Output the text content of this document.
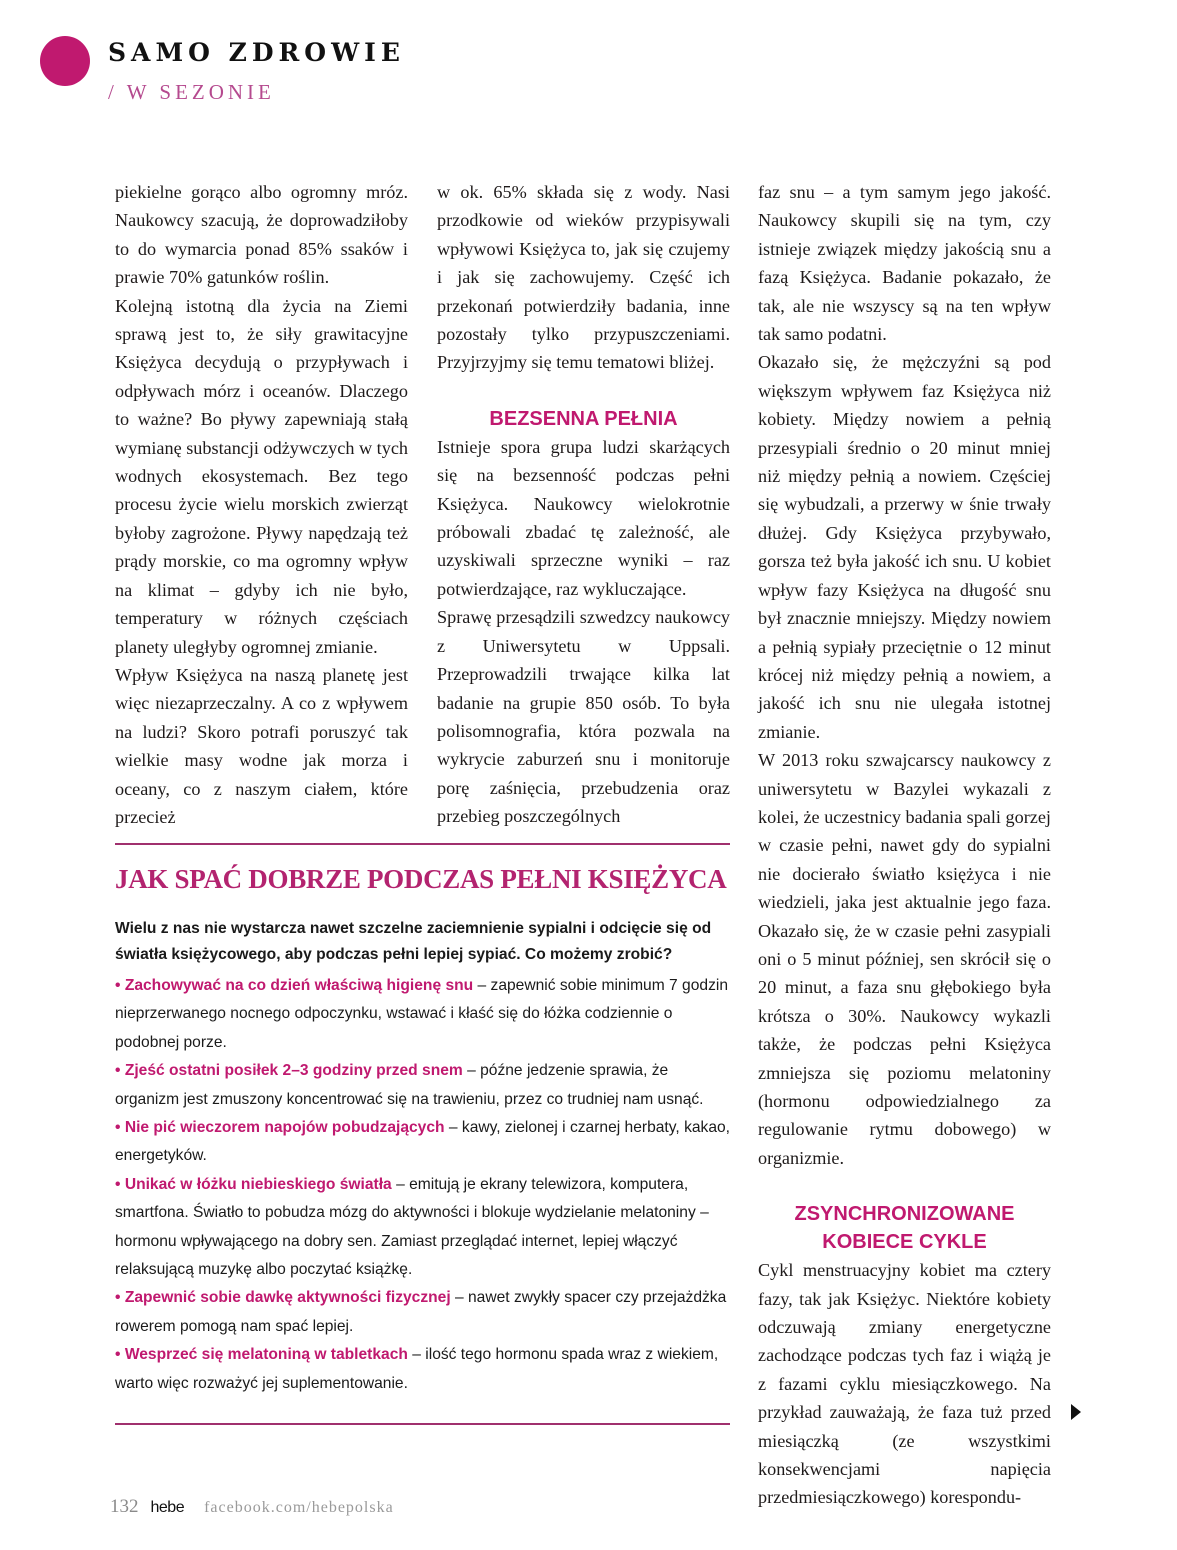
SAMO ZDROWIE
/ W SEZONIE

piekielne gorąco albo ogromny mróz. Naukowcy szacują, że doprowadziłoby to do wymarcia ponad 85% ssaków i prawie 70% gatunków roślin.

Kolejną istotną dla życia na Ziemi sprawą jest to, że siły grawitacyjne Księżyca decydują o przypływach i odpływach mórz i oceanów. Dlaczego to ważne? Bo pływy zapewniają stałą wymianę substancji odżywczych w tych wodnych ekosystemach. Bez tego procesu życie wielu morskich zwierząt byłoby zagrożone. Pływy napędzają też prądy morskie, co ma ogromny wpływ na klimat – gdyby ich nie było, temperatury w różnych częściach planety uległyby ogromnej zmianie.

Wpływ Księżyca na naszą planetę jest więc niezaprzeczalny. A co z wpływem na ludzi? Skoro potrafi poruszyć tak wielkie masy wodne jak morza i oceany, co z naszym ciałem, które przecież

w ok. 65% składa się z wody. Nasi przodkowie od wieków przypisywali wpływowi Księżyca to, jak się czujemy i jak się zachowujemy. Część ich przekonań potwierdziły badania, inne pozostały tylko przypuszczeniami. Przyjrzyjmy się temu tematowi bliżej.

BEZSENNA PEŁNIA

Istnieje spora grupa ludzi skarżących się na bezsenność podczas pełni Księżyca. Naukowcy wielokrotnie próbowali zbadać tę zależność, ale uzyskiwali sprzeczne wyniki – raz potwierdzające, raz wykluczające.

Sprawę przesądzili szwedzcy naukowcy z Uniwersytetu w Uppsali. Przeprowadzili trwające kilka lat badanie na grupie 850 osób. To była polisomnografia, która pozwala na wykrycie zaburzeń snu i monitoruje porę zaśnięcia, przebudzenia oraz przebieg poszczególnych

faz snu – a tym samym jego jakość. Naukowcy skupili się na tym, czy istnieje związek między jakością snu a fazą Księżyca. Badanie pokazało, że tak, ale nie wszyscy są na ten wpływ tak samo podatni.

Okazało się, że mężczyźni są pod większym wpływem faz Księżyca niż kobiety. Między nowiem a pełnią przesypiali średnio o 20 minut mniej niż między pełnią a nowiem. Częściej się wybudzali, a przerwy w śnie trwały dłużej. Gdy Księżyca przybywało, gorsza też była jakość ich snu. U kobiet wpływ fazy Księżyca na długość snu był znacznie mniejszy. Między nowiem a pełnią sypiały przeciętnie o 12 minut krócej niż między pełnią a nowiem, a jakość ich snu nie ulegała istotnej zmianie.

W 2013 roku szwajcarscy naukowcy z uniwersytetu w Bazylei wykazali z kolei, że uczestnicy badania spali gorzej w czasie pełni, nawet gdy do sypialni nie docierało światło księżyca i nie wiedzieli, jaka jest aktualnie jego faza. Okazało się, że w czasie pełni zasypiali oni o 5 minut później, sen skrócił się o 20 minut, a faza snu głębokiego była krótsza o 30%. Naukowcy wykazli także, że podczas pełni Księżyca zmniejsza się poziomu melatoniny (hormonu odpowiedzialnego za regulowanie rytmu dobowego) w organizmie.

ZSYNCHRONIZOWANE
KOBIECE CYKLE

Cykl menstruacyjny kobiet ma cztery fazy, tak jak Księżyc. Niektóre kobiety odczuwają zmiany energetyczne zachodzące podczas tych faz i wiążą je z fazami cyklu miesiączkowego. Na przykład zauważają, że faza tuż przed miesiączką (ze wszystkimi konsekwencjami napięcia przedmiesiączkowego) korespondu-

JAK SPAĆ DOBRZE PODCZAS PEŁNI KSIĘŻYCA

Wielu z nas nie wystarcza nawet szczelne zaciemnienie sypialni i odcięcie się od światła księżycowego, aby podczas pełni lepiej sypiać. Co możemy zrobić?

• Zachowywać na co dzień właściwą higienę snu – zapewnić sobie minimum 7 godzin nieprzerwanego nocnego odpoczynku, wstawać i kłaść się do łóżka codziennie o podobnej porze.
• Zjeść ostatni posiłek 2–3 godziny przed snem – późne jedzenie sprawia, że organizm jest zmuszony koncentrować się na trawieniu, przez co trudniej nam usnąć.
• Nie pić wieczorem napojów pobudzających – kawy, zielonej i czarnej herbaty, kakao, energetyków.
• Unikać w łóżku niebieskiego światła – emitują je ekrany telewizora, komputera, smartfona. Światło to pobudza mózg do aktywności i blokuje wydzielanie melatoniny – hormonu wpływającego na dobry sen. Zamiast przeglądać internet, lepiej włączyć relaksującą muzykę albo poczytać książkę.
• Zapewnić sobie dawkę aktywności fizycznej – nawet zwykły spacer czy przejażdżka rowerem pomogą nam spać lepiej.
• Wesprzeć się melatoniną w tabletkach – ilość tego hormonu spada wraz z wiekiem, warto więc rozważyć jej suplementowanie.
132 hebe facebook.com/hebepolska
